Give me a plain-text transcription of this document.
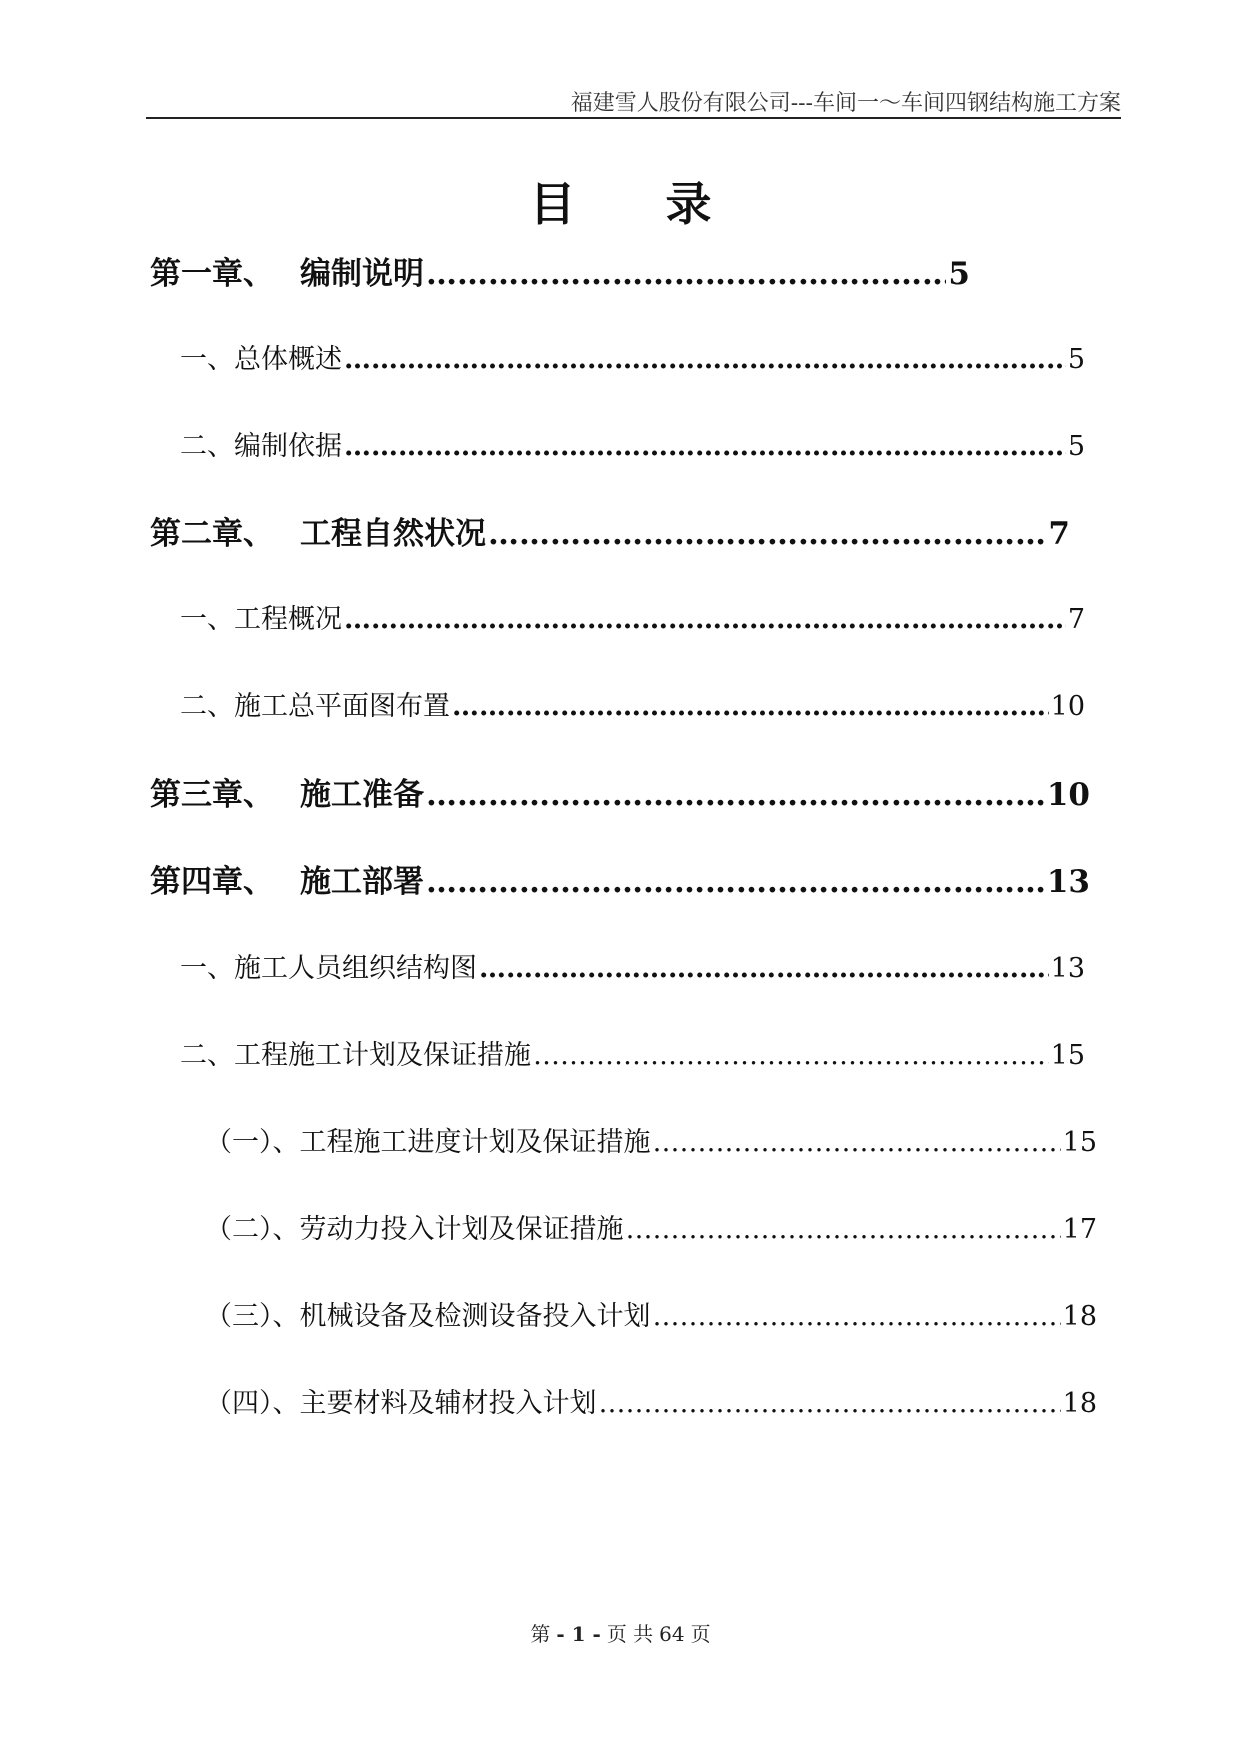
福建雪人股份有限公司---车间一～车间四钢结构施工方案
目 录
第一章、 编制说明 ………………………………………………………………………………………………………………………………………………	5
一、总体概述 ………………………………………………………………………………………………………………………………………………	5
二、编制依据 ………………………………………………………………………………………………………………………………………………	5
第二章、 工程自然状况 ………………………………………………………………………………………………………………………………………………	7
一、工程概况 ………………………………………………………………………………………………………………………………………………	7
二、施工总平面图布置 ………………………………………………………………………………………………………………………………………………	10
第三章、 施工准备 ………………………………………………………………………………………………………………………………………………	10
第四章、 施工部署 ………………………………………………………………………………………………………………………………………………	13
一、施工人员组织结构图 ………………………………………………………………………………………………………………………………………………	13
二、工程施工计划及保证措施 ………………………………………………………………………………………………………………………………………………	15
（一）、工程施工进度计划及保证措施 ………………………………………………………………………………………………………………………………………………	15
（二）、劳动力投入计划及保证措施 ………………………………………………………………………………………………………………………………………………	17
（三）、机械设备及检测设备投入计划 ………………………………………………………………………………………………………………………………………………	18
（四）、主要材料及辅材投入计划 ………………………………………………………………………………………………………………………………………………	18
第 - 1 - 页 共 64 页
